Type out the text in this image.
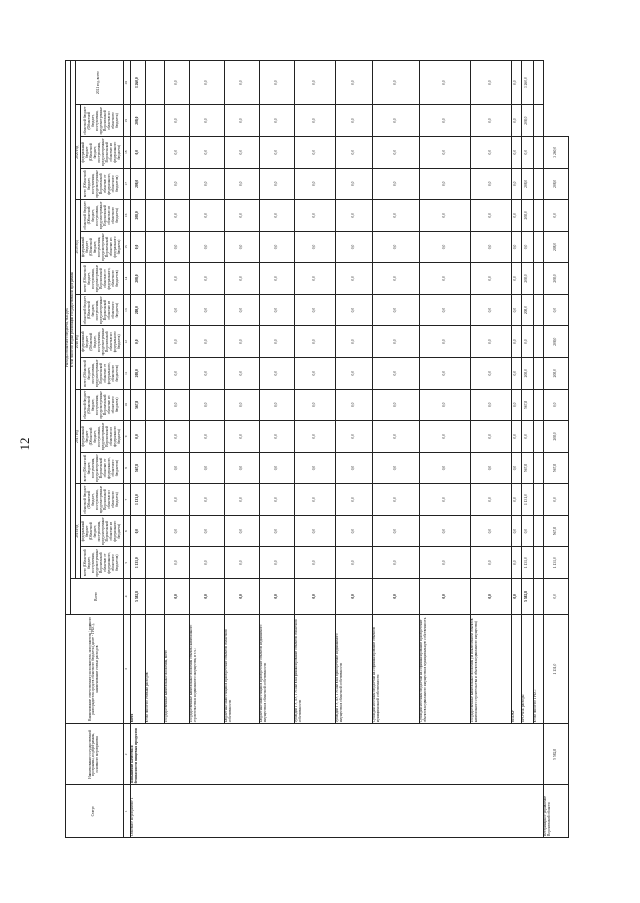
12
Статус	Наименование государственной программы, подпрограммы, основного мероприятия	Наименование ответственного исполнителя, исполнителя / главного распорядителя средств областного бюджета (далее - ГРБС), наименование статьи расходов	Расходы областного бюджета, тыс.руб.																
			Всего	в том числе по годам реализации государственной программы															
				2016 год			2017 год			2018 год			2019 год			2020 год			2021 год, всего
				всего (Областной бюджет, поступления, предусмотренные Воронежской областью от федерального, областного бюджетов)	федеральный бюджет (Областной бюджет, поступления, предусмотренные Воронежской областью из федерального бюджета)	областной бюджет (Областной бюджет, поступления, предусмотренные Воронежской областью из областного бюджета)	всего (Областной бюджет, поступления, предусмотренные Воронежской областью от федерального, областного бюджетов)	федеральный бюджет (Областной бюджет, поступления, предусмотренные Воронежской областью из федерального бюджета)	областной бюджет (Областной бюджет, поступления, предусмотренные Воронежской областью из областного бюджета)	всего (Областной бюджет, поступления, предусмотренные Воронежской областью от федерального, областного бюджетов)	федеральный бюджет (Областной бюджет, поступления, предусмотренные Воронежской областью из федерального бюджета)	областной бюджет (Областной бюджет, поступления, предусмотренные Воронежской областью из областного бюджета)	всего (Областной бюджет, поступления, предусмотренные Воронежской областью от федерального, областного бюджетов)	федеральный бюджет (Областной бюджет, поступления, предусмотренные Воронежской областью из федерального бюджета)	областной бюджет (Областной бюджет, поступления, предусмотренные Воронежской областью из областного бюджета)	всего (Областной бюджет, поступления, предусмотренные Воронежской областью от федерального, областного бюджетов)	федеральный бюджет (Областной бюджет, поступления, предусмотренные Воронежской областью из федерального бюджета)	областной бюджет (Областной бюджет, поступления, предусмотренные Воронежской областью из областного бюджета)	
1	2	3	4	5	6	7	8	9	10	11	12	13	14	15	16	17	18	19	20
Основное мероприятие 1	Повышение качества и безопасности пищевых продуктов	всего	5 582,8	1 131,0	0,0	1 131,0	567,8	0,0	567,8	208,0	0,0	208,0	208,0	0,0	208,0	208,0	0,0	208,0	3 260,0
		в том числе по статьям расходов:																	
		Государственные капитальные вложения, всего	0,0	0,0	0,0	0,0	0,0	0,0	0,0	0,0	0,0	0,0	0,0	0,0	0,0	0,0	0,0	0,0	0,0
		Государственные капитальные вложения объекты капитального строительства и недвижимого имущества, в т.ч.:	0,0	0,0	0,0	0,0	0,0	0,0	0,0	0,0	0,0	0,0	0,0	0,0	0,0	0,0	0,0	0,0	0,0
		Бюджетные инвестиции в приобретение объектов областной собственности	0,0	0,0	0,0	0,0	0,0	0,0	0,0	0,0	0,0	0,0	0,0	0,0	0,0	0,0	0,0	0,0	0,0
		Бюджетные инвестиции в приобретение объектов недвижимого имущества в областной собственности	0,0	0,0	0,0	0,0	0,0	0,0	0,0	0,0	0,0	0,0	0,0	0,0	0,0	0,0	0,0	0,0	0,0
		субсидии ГУ, АУ, ГУПам в на финансирование объектов областной собственности	0,0	0,0	0,0	0,0	0,0	0,0	0,0	0,0	0,0	0,0	0,0	0,0	0,0	0,0	0,0	0,0	0,0
		субсидии ГУ, АУ, ГУПам в на приобретение недвижимого имущества в областной собственности	0,0	0,0	0,0	0,0	0,0	0,0	0,0	0,0	0,0	0,0	0,0	0,0	0,0	0,0	0,0	0,0	0,0
		Субсидии местным бюджетам на софинансирование объектов муниципальной собственности	0,0	0,0	0,0	0,0	0,0	0,0	0,0	0,0	0,0	0,0	0,0	0,0	0,0	0,0	0,0	0,0	0,0
		Субсидии местным бюджетам на софинансирование приобретение объектов недвижимого имущества в муниципальную собственность	0,0	0,0	0,0	0,0	0,0	0,0	0,0	0,0	0,0	0,0	0,0	0,0	0,0	0,0	0,0	0,0	0,0
		Государственные капитальные вложения (за исключением объектов капитального строительства и объектов недвижимого имущества)	0,0	0,0	0,0	0,0	0,0	0,0	0,0	0,0	0,0	0,0	0,0	0,0	0,0	0,0	0,0	0,0	0,0
		НИОКР	0,0	0,0	0,0	0,0	0,0	0,0	0,0	0,0	0,0	0,0	0,0	0,0	0,0	0,0	0,0	0,0	0,0
		ПРОЧИЕ расходы	5 582,8	1 131,0	0,0	1 131,0	567,8	0,0	567,8	208,0	0,0	208,0	208,0	0,0	208,0	208,0	0,0	208,0	3 260,0
		в том числе по ГРБС:																	
Ветеринарное управление Воронежской области	5 582,8	1 131,0	0,0	1 131,0	567,8	0,0	567,8	208,0	0,0	208,0	208,0	0,0	208,0	208,0	0,0	208,0	3 260,0		
